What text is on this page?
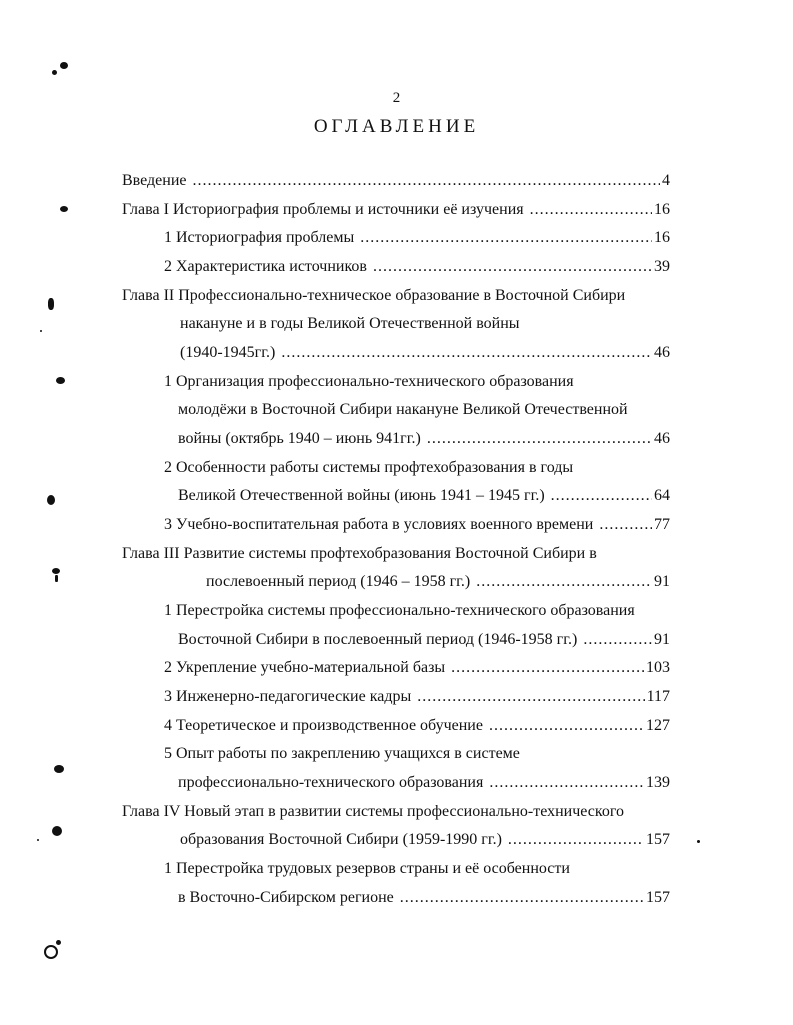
2
ОГЛАВЛЕНИЕ
Введение .....	4
Глава I Историография проблемы и источники её изучения .....	16
1 Историография проблемы .....	16
2 Характеристика источников .....	39
Глава II Профессионально-техническое образование в Восточной Сибири
накануне и в годы Великой Отечественной войны
(1940-1945гг.) .....	46
1 Организация профессионально-технического образования
молодёжи в Восточной Сибири накануне Великой Отечественной
войны (октябрь 1940 – июнь 941гг.) .....	46
2 Особенности работы системы профтехобразования в годы
Великой Отечественной войны (июнь 1941 – 1945 гг.) .....	64
3 Учебно-воспитательная работа в условиях военного времени .....	77
Глава III Развитие системы профтехобразования Восточной Сибири в
послевоенный период (1946 – 1958 гг.) .....	91
1 Перестройка системы профессионально-технического образования
Восточной Сибири в послевоенный период (1946-1958 гг.) .....	91
2 Укрепление учебно-материальной базы .....	103
3 Инженерно-педагогические кадры .....	117
4 Теоретическое и производственное обучение .....	127
5 Опыт работы по закреплению учащихся в системе
профессионально-технического образования .....	139
Глава IV Новый этап в развитии системы профессионально-технического
образования Восточной Сибири (1959-1990 гг.) .....	157
1 Перестройка трудовых резервов страны и её особенности
в Восточно-Сибирском регионе .....	157
